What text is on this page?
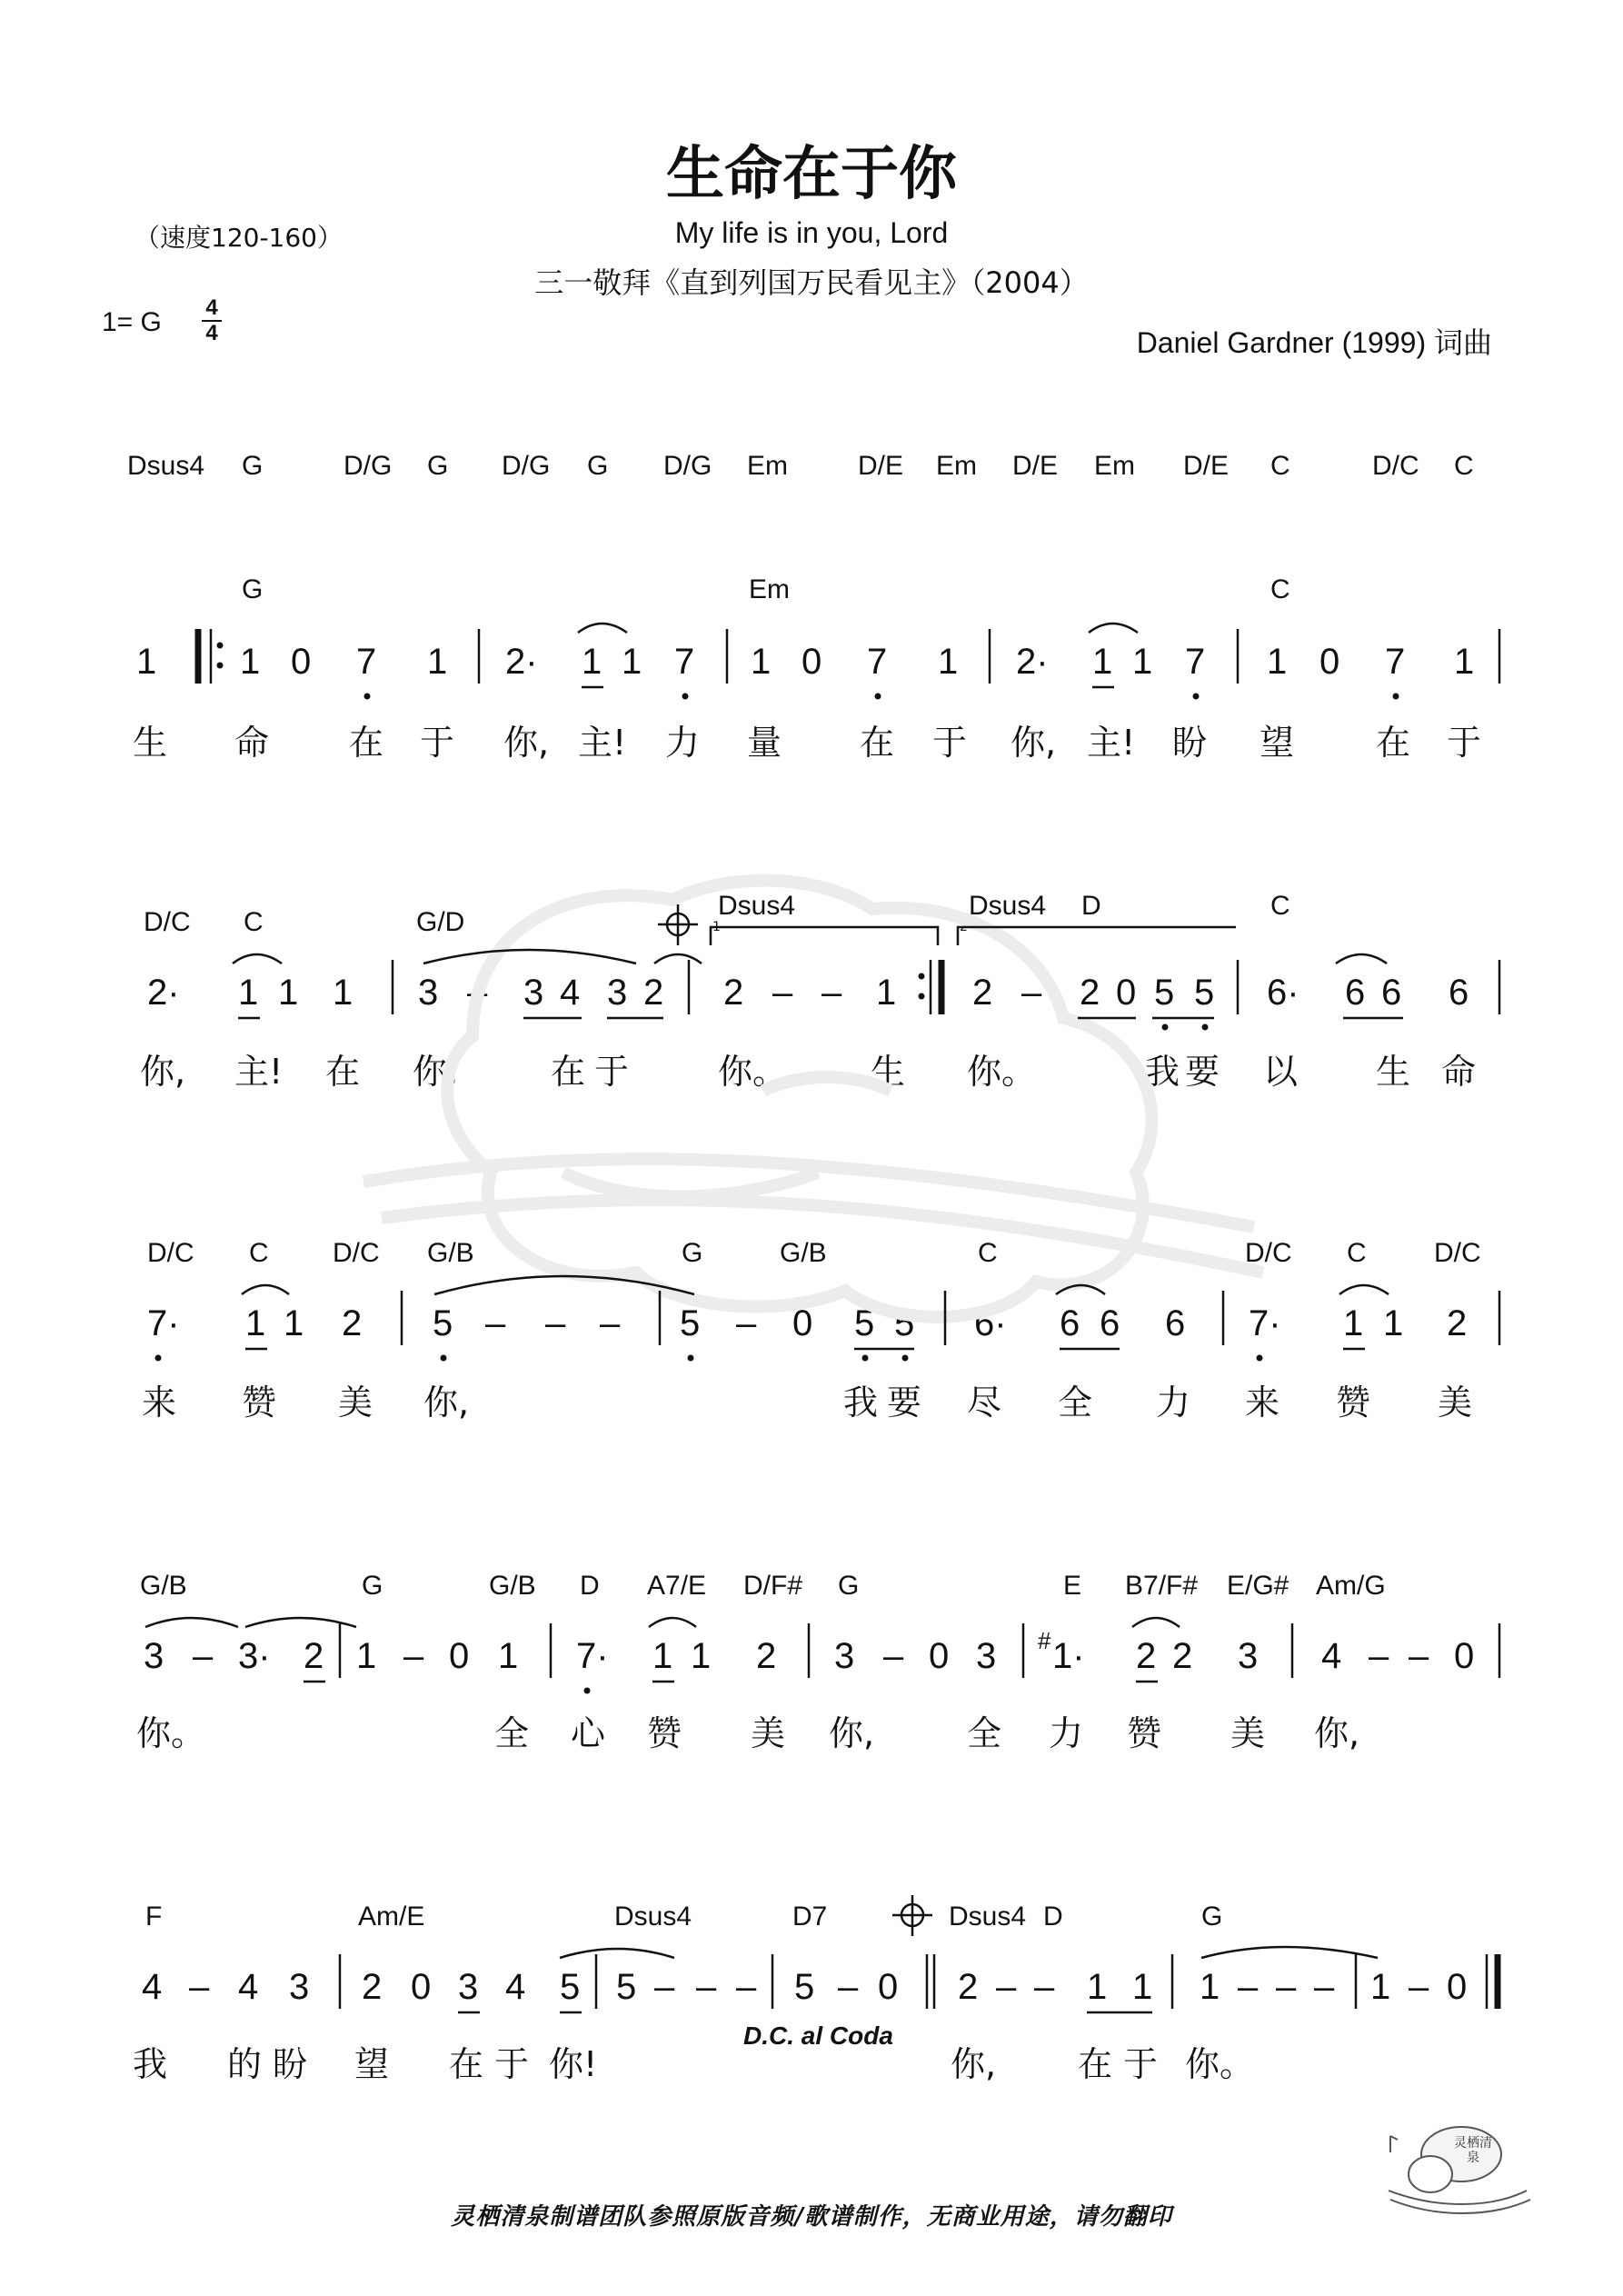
生命在于你
My life is in you, Lord
三一敬拜《直到列国万民看见主》（2004）
（速度120-160）
1= G 4
4	Daniel Gardner (1999) 词曲
Dsus4 G	D/G G D/G G D/G Em	D/E Em D/E Em D/E C	D/C C
G	Em	C
1 1 0 7 1 2· 1 1 7 1 0 7 1 2· 1 1 7 1 0 7 1
生 命 在 于 你, 主! 力 量 在 于 你, 主! 盼 望 在 于
D/C C	G/D
Dsus4	Dsus4 D	C
1	2
2· 1 1 1 3 – 3 4 3 2 2 – – 1 2 – 2 0 5 5 6· 6 6 6
你, 主! 在 你,	在 于	你。 生 你。	我 要 以 生 命
D/C C D/C G/B	G	G/B	C	D/C C D/C
7· 1 1 2 5 – – – 5 – 0 5 5 6· 6 6 6 7· 1 1 2
来 赞 美 你,	我 要 尽 全 力 来 赞 美
G/B	G	G/B D A7/E D/F# G	E B7/F# E/G# Am/G
3 – 3· 2 1 – 0 1 7· 1 1 2 3 – 0 3 # 1· 2 2 3 4 – – 0
你。	全 心 赞 美 你,	全 力 赞 美 你,
F	Am/E	Dsus4	D7	Dsus4 D	G
4 – 4 3 2 0 3 4 5 5 – – – 5 – 0 2 – – 1 1 1 – – – 1 – 0
我 的 盼 望 在 于 你!	你, 在 于 你。
D.C. al Coda
灵栖清泉制谱团队参照原版音频/歌谱制作，无商业用途，请勿翻印
灵栖清泉
